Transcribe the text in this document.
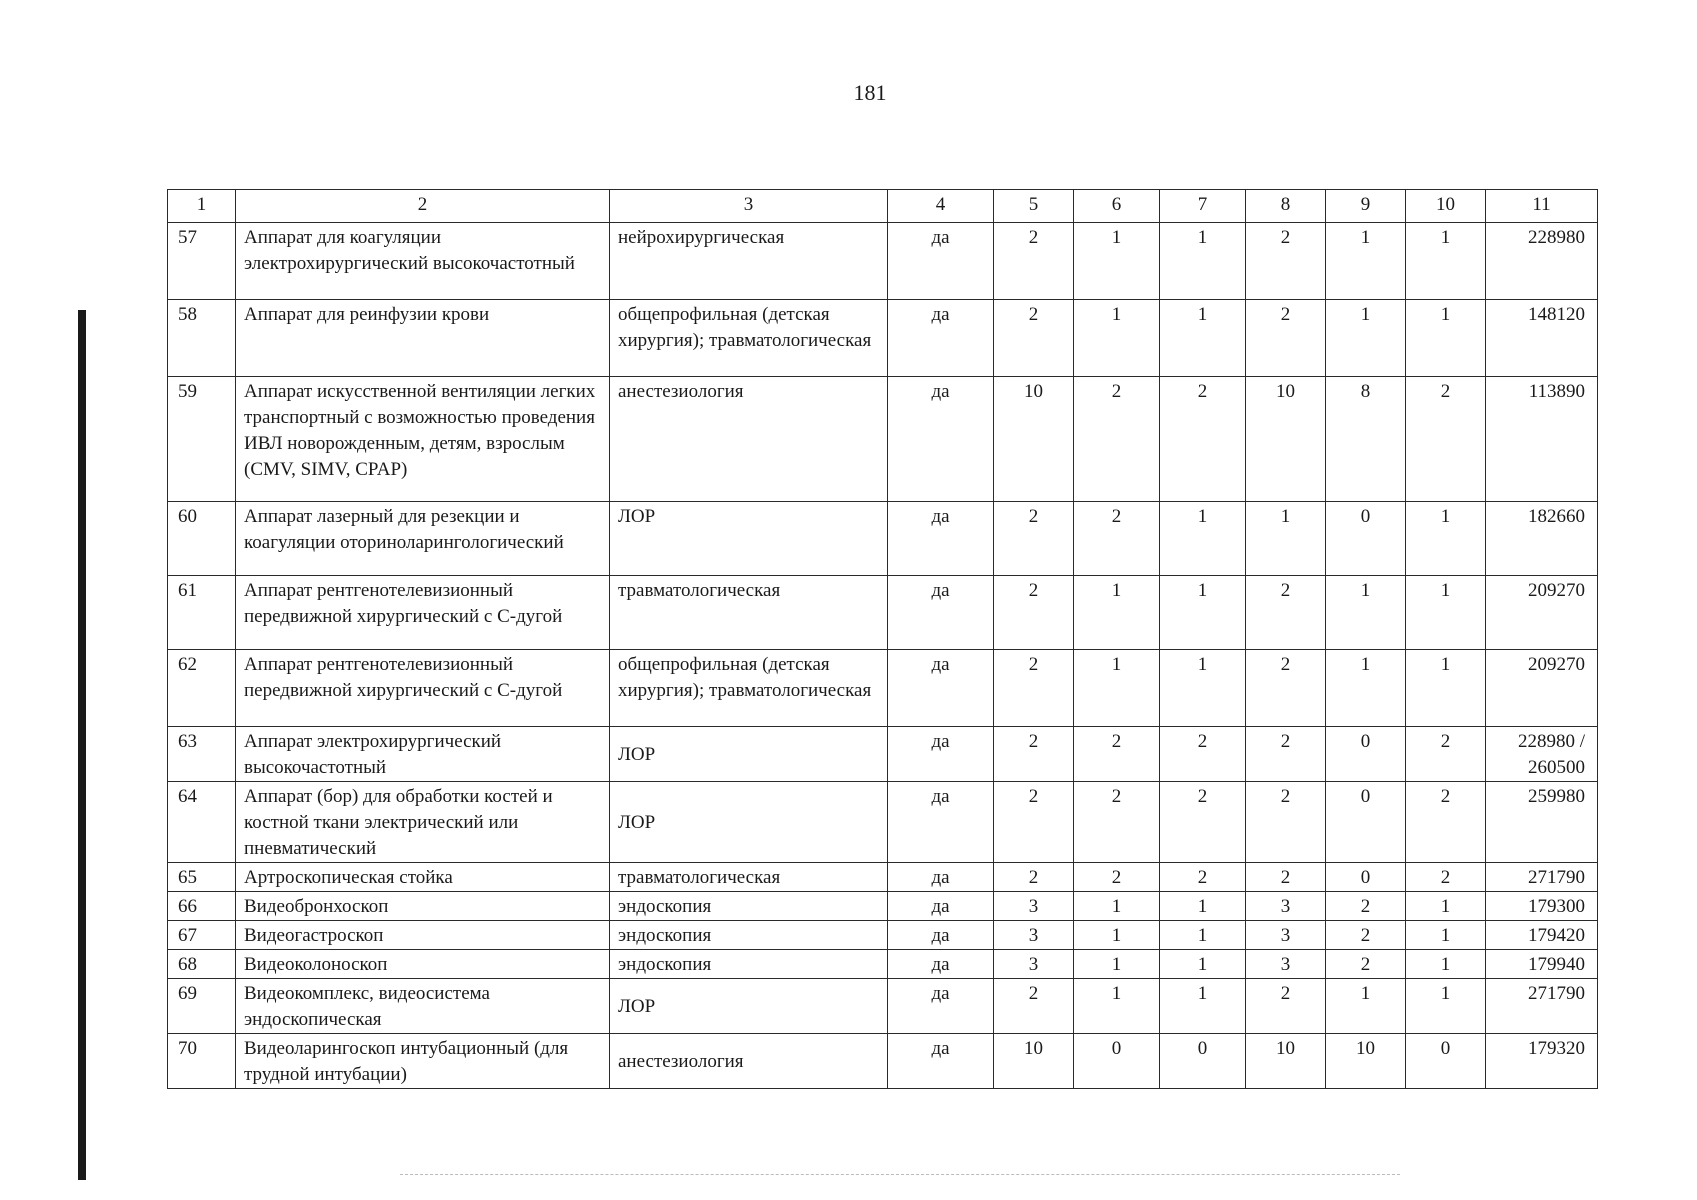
181
1	2	3	4	5	6	7	8	9	10	11
57	Аппарат для коагуляции электрохирургический высокочастотный	нейрохирургическая	да	2	1	1	2	1	1	228980
58	Аппарат для реинфузии крови	общепрофильная (детская хирургия); травматологическая	да	2	1	1	2	1	1	148120
59	Аппарат искусственной вентиляции легких транспортный с возможностью проведения ИВЛ новорожденным, детям, взрослым (CMV, SIMV, CPAP)	анестезиология	да	10	2	2	10	8	2	113890
60	Аппарат лазерный для резекции и коагуляции оториноларингологический	ЛОР	да	2	2	1	1	0	1	182660
61	Аппарат рентгенотелевизионный передвижной хирургический с С-дугой	травматологическая	да	2	1	1	2	1	1	209270
62	Аппарат рентгенотелевизионный передвижной хирургический с С-дугой	общепрофильная (детская хирургия); травматологическая	да	2	1	1	2	1	1	209270
63	Аппарат электрохирургический высокочастотный	ЛОР	да	2	2	2	2	0	2	228980 / 260500
64	Аппарат (бор) для обработки костей и костной ткани электрический или пневматический	ЛОР	да	2	2	2	2	0	2	259980
65	Артроскопическая стойка	травматологическая	да	2	2	2	2	0	2	271790
66	Видеобронхоскоп	эндоскопия	да	3	1	1	3	2	1	179300
67	Видеогастроскоп	эндоскопия	да	3	1	1	3	2	1	179420
68	Видеоколоноскоп	эндоскопия	да	3	1	1	3	2	1	179940
69	Видеокомплекс, видеосистема эндоскопическая	ЛОР	да	2	1	1	2	1	1	271790
70	Видеоларингоскоп интубационный (для трудной интубации)	анестезиология	да	10	0	0	10	10	0	179320
